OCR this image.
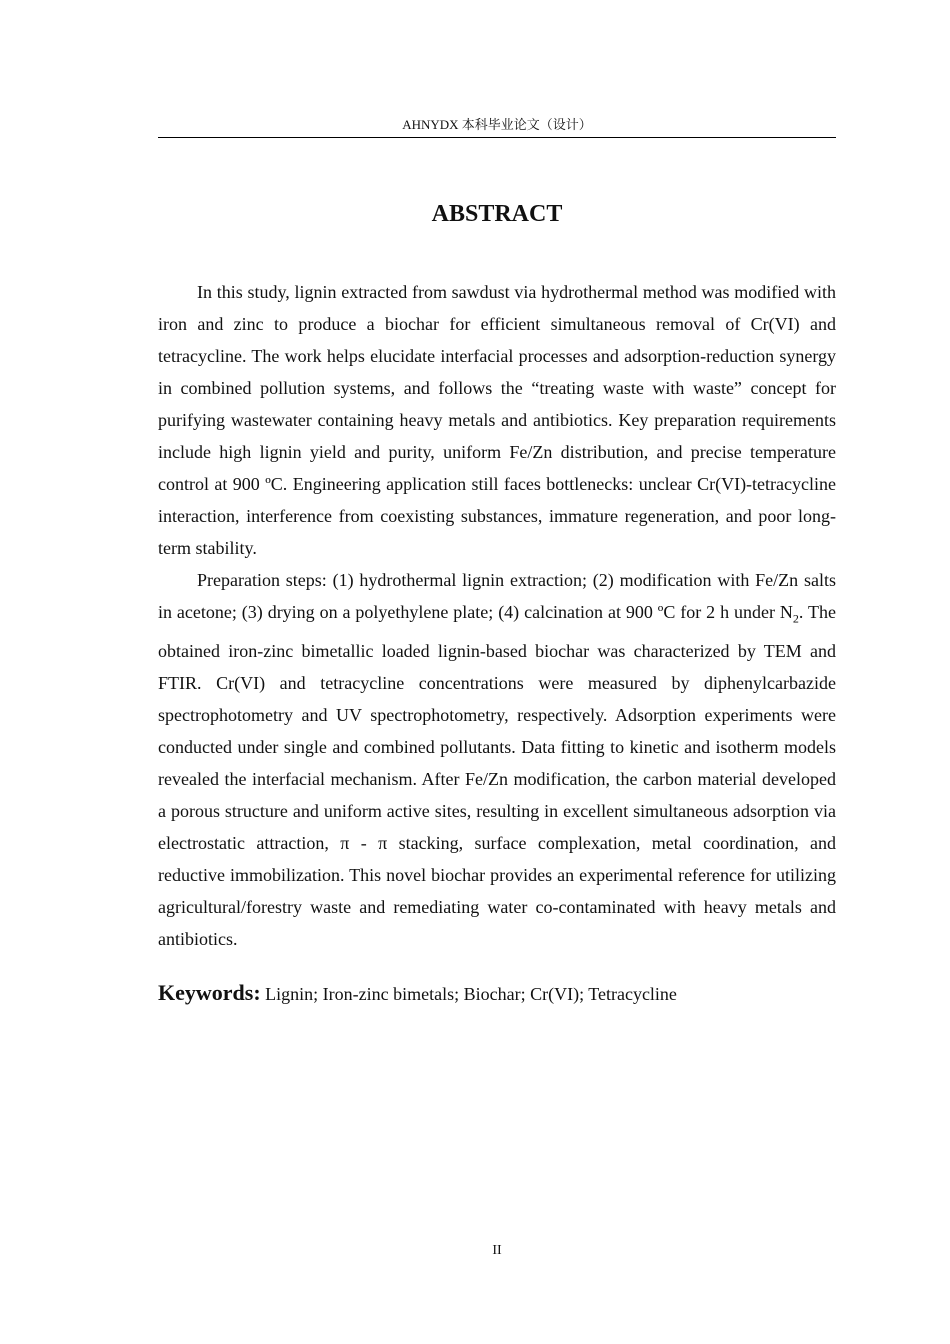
AHNYDX 本科毕业论文（设计）
ABSTRACT

In this study, lignin extracted from sawdust via hydrothermal method was modified with iron and zinc to produce a biochar for efficient simultaneous removal of Cr(VI) and tetracycline. The work helps elucidate interfacial processes and adsorption-reduction synergy in combined pollution systems, and follows the “treating waste with waste” concept for purifying wastewater containing heavy metals and antibiotics. Key preparation requirements include high lignin yield and purity, uniform Fe/Zn distribution, and precise temperature control at 900 ºC. Engineering application still faces bottlenecks: unclear Cr(VI)-tetracycline interaction, interference from coexisting substances, immature regeneration, and poor long-term stability.

Preparation steps: (1) hydrothermal lignin extraction; (2) modification with Fe/Zn salts in acetone; (3) drying on a polyethylene plate; (4) calcination at 900 ºC for 2 h under $N_2$. The obtained iron-zinc bimetallic loaded lignin-based biochar was characterized by TEM and FTIR. Cr(VI) and tetracycline concentrations were measured by diphenylcarbazide spectrophotometry and UV spectrophotometry, respectively. Adsorption experiments were conducted under single and combined pollutants. Data fitting to kinetic and isotherm models revealed the interfacial mechanism. After Fe/Zn modification, the carbon material developed a porous structure and uniform active sites, resulting in excellent simultaneous adsorption via electrostatic attraction, π - π stacking, surface complexation, metal coordination, and reductive immobilization. This novel biochar provides an experimental reference for utilizing agricultural/forestry waste and remediating water co-contaminated with heavy metals and antibiotics.

Keywords: Lignin; Iron-zinc bimetals; Biochar; Cr(VI); Tetracycline
II
